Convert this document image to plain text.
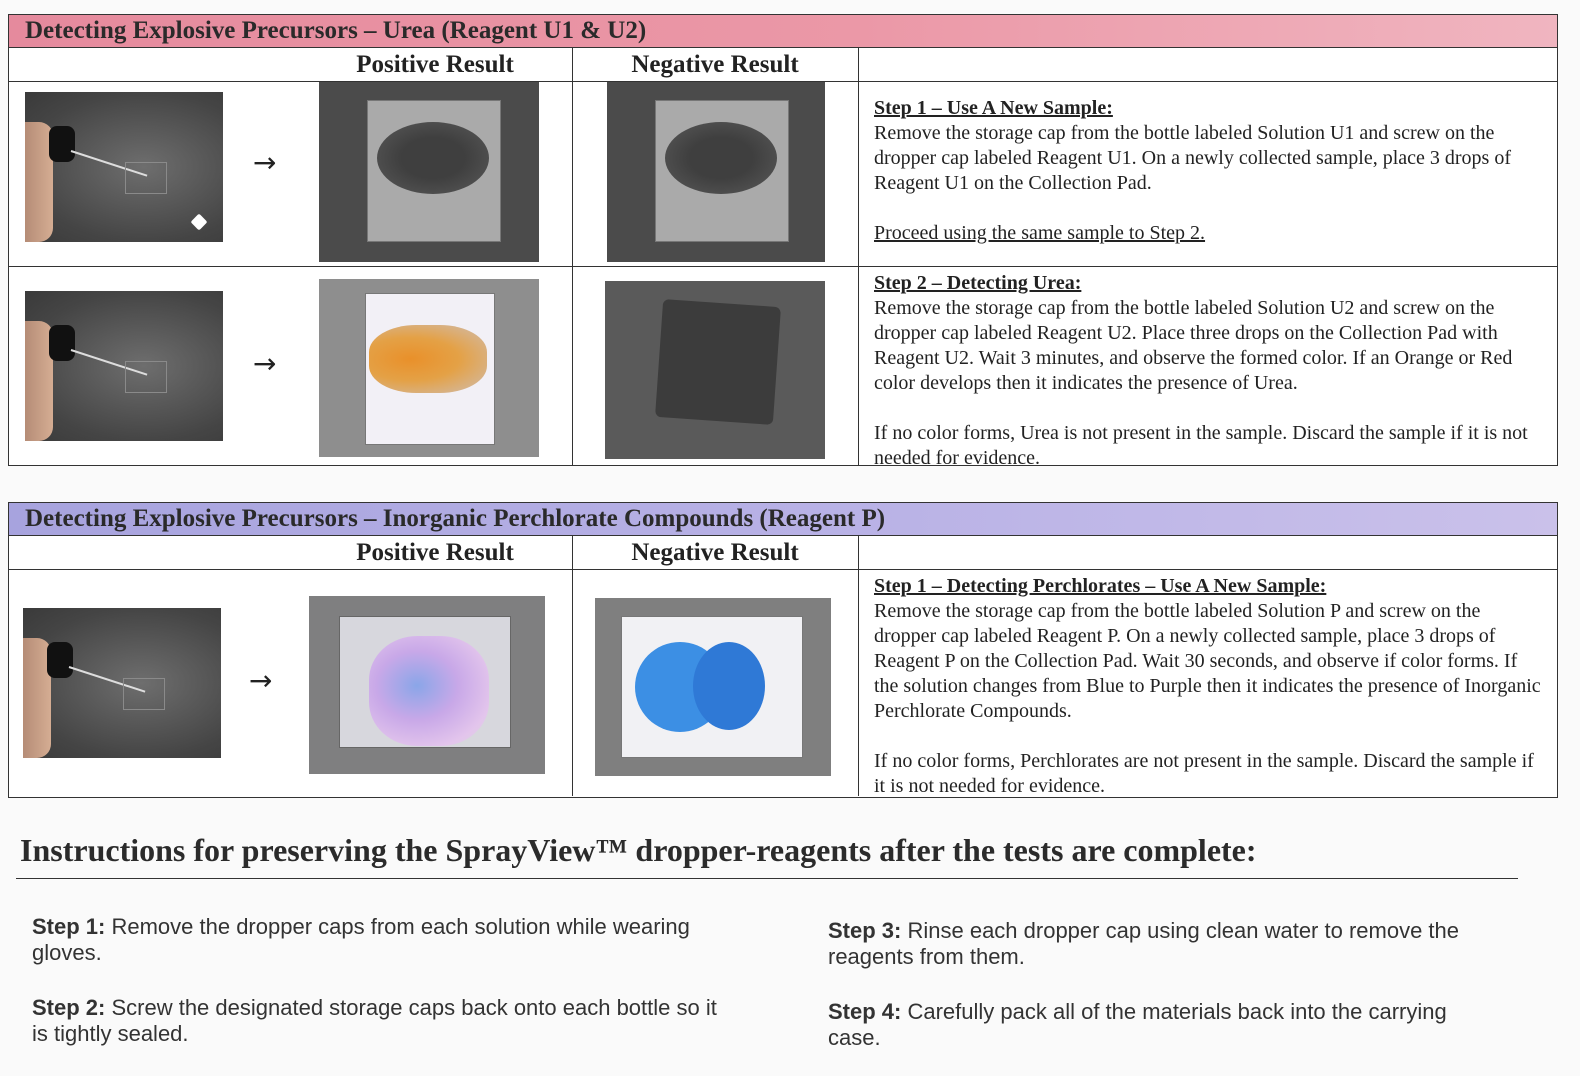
Detecting Explosive Precursors – Urea (Reagent U1 & U2)
Positive Result	Negative Result
→

Step 1 – Use A New Sample:

Remove the storage cap from the bottle labeled Solution U1 and screw on the dropper cap labeled Reagent U1. On a newly collected sample, place 3 drops of Reagent U1 on the Collection Pad.

Proceed using the same sample to Step 2.

→

Step 2 – Detecting Urea:

Remove the storage cap from the bottle labeled Solution U2 and screw on the dropper cap labeled Reagent U2. Place three drops on the Collection Pad with Reagent U2. Wait 3 minutes, and observe the formed color. If an Orange or Red color develops then it indicates the presence of Urea.

If no color forms, Urea is not present in the sample. Discard the sample if it is not needed for evidence.

Detecting Explosive Precursors – Inorganic Perchlorate Compounds (Reagent P)
Positive Result	Negative Result
→

Step 1 – Detecting Perchlorates – Use A New Sample:

Remove the storage cap from the bottle labeled Solution P and screw on the dropper cap labeled Reagent P. On a newly collected sample, place 3 drops of Reagent P on the Collection Pad. Wait 30 seconds, and observe if color forms. If the solution changes from Blue to Purple then it indicates the presence of Inorganic Perchlorate Compounds.

If no color forms, Perchlorates are not present in the sample. Discard the sample if it is not needed for evidence.

Instructions for preserving the SprayView™ dropper-reagents after the tests are complete:
Step 1: Remove the dropper caps from each solution while wearing gloves.
Step 2: Screw the designated storage caps back onto each bottle so it is tightly sealed.
Step 3: Rinse each dropper cap using clean water to remove the reagents from them.
Step 4: Carefully pack all of the materials back into the carrying case.
